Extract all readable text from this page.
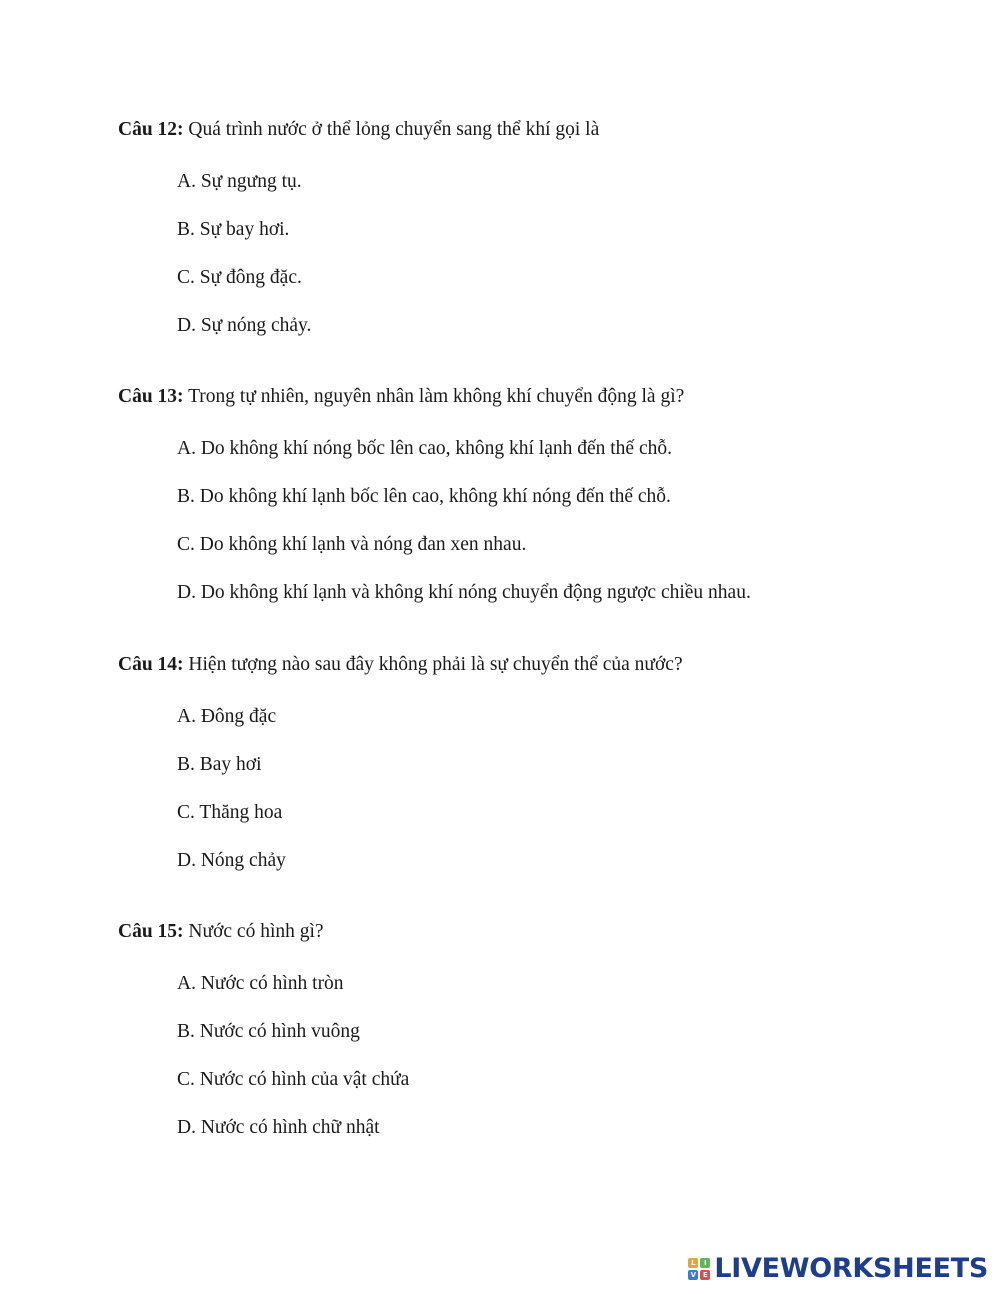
Câu 12: Quá trình nước ở thể lỏng chuyển sang thể khí gọi là

A. Sự ngưng tụ.
B. Sự bay hơi.
C. Sự đông đặc.
D. Sự nóng chảy.

Câu 13: Trong tự nhiên, nguyên nhân làm không khí chuyển động là gì?

A. Do không khí nóng bốc lên cao, không khí lạnh đến thế chỗ.
B. Do không khí lạnh bốc lên cao, không khí nóng đến thế chỗ.
C. Do không khí lạnh và nóng đan xen nhau.
D. Do không khí lạnh và không khí nóng chuyển động ngược chiều nhau.

Câu 14: Hiện tượng nào sau đây không phải là sự chuyển thể của nước?

A. Đông đặc
B. Bay hơi
C. Thăng hoa
D. Nóng chảy

Câu 15: Nước có hình gì?

A. Nước có hình tròn
B. Nước có hình vuông
C. Nước có hình của vật chứa
D. Nước có hình chữ nhật
L	I
V E LIVEWORKSHEETS
